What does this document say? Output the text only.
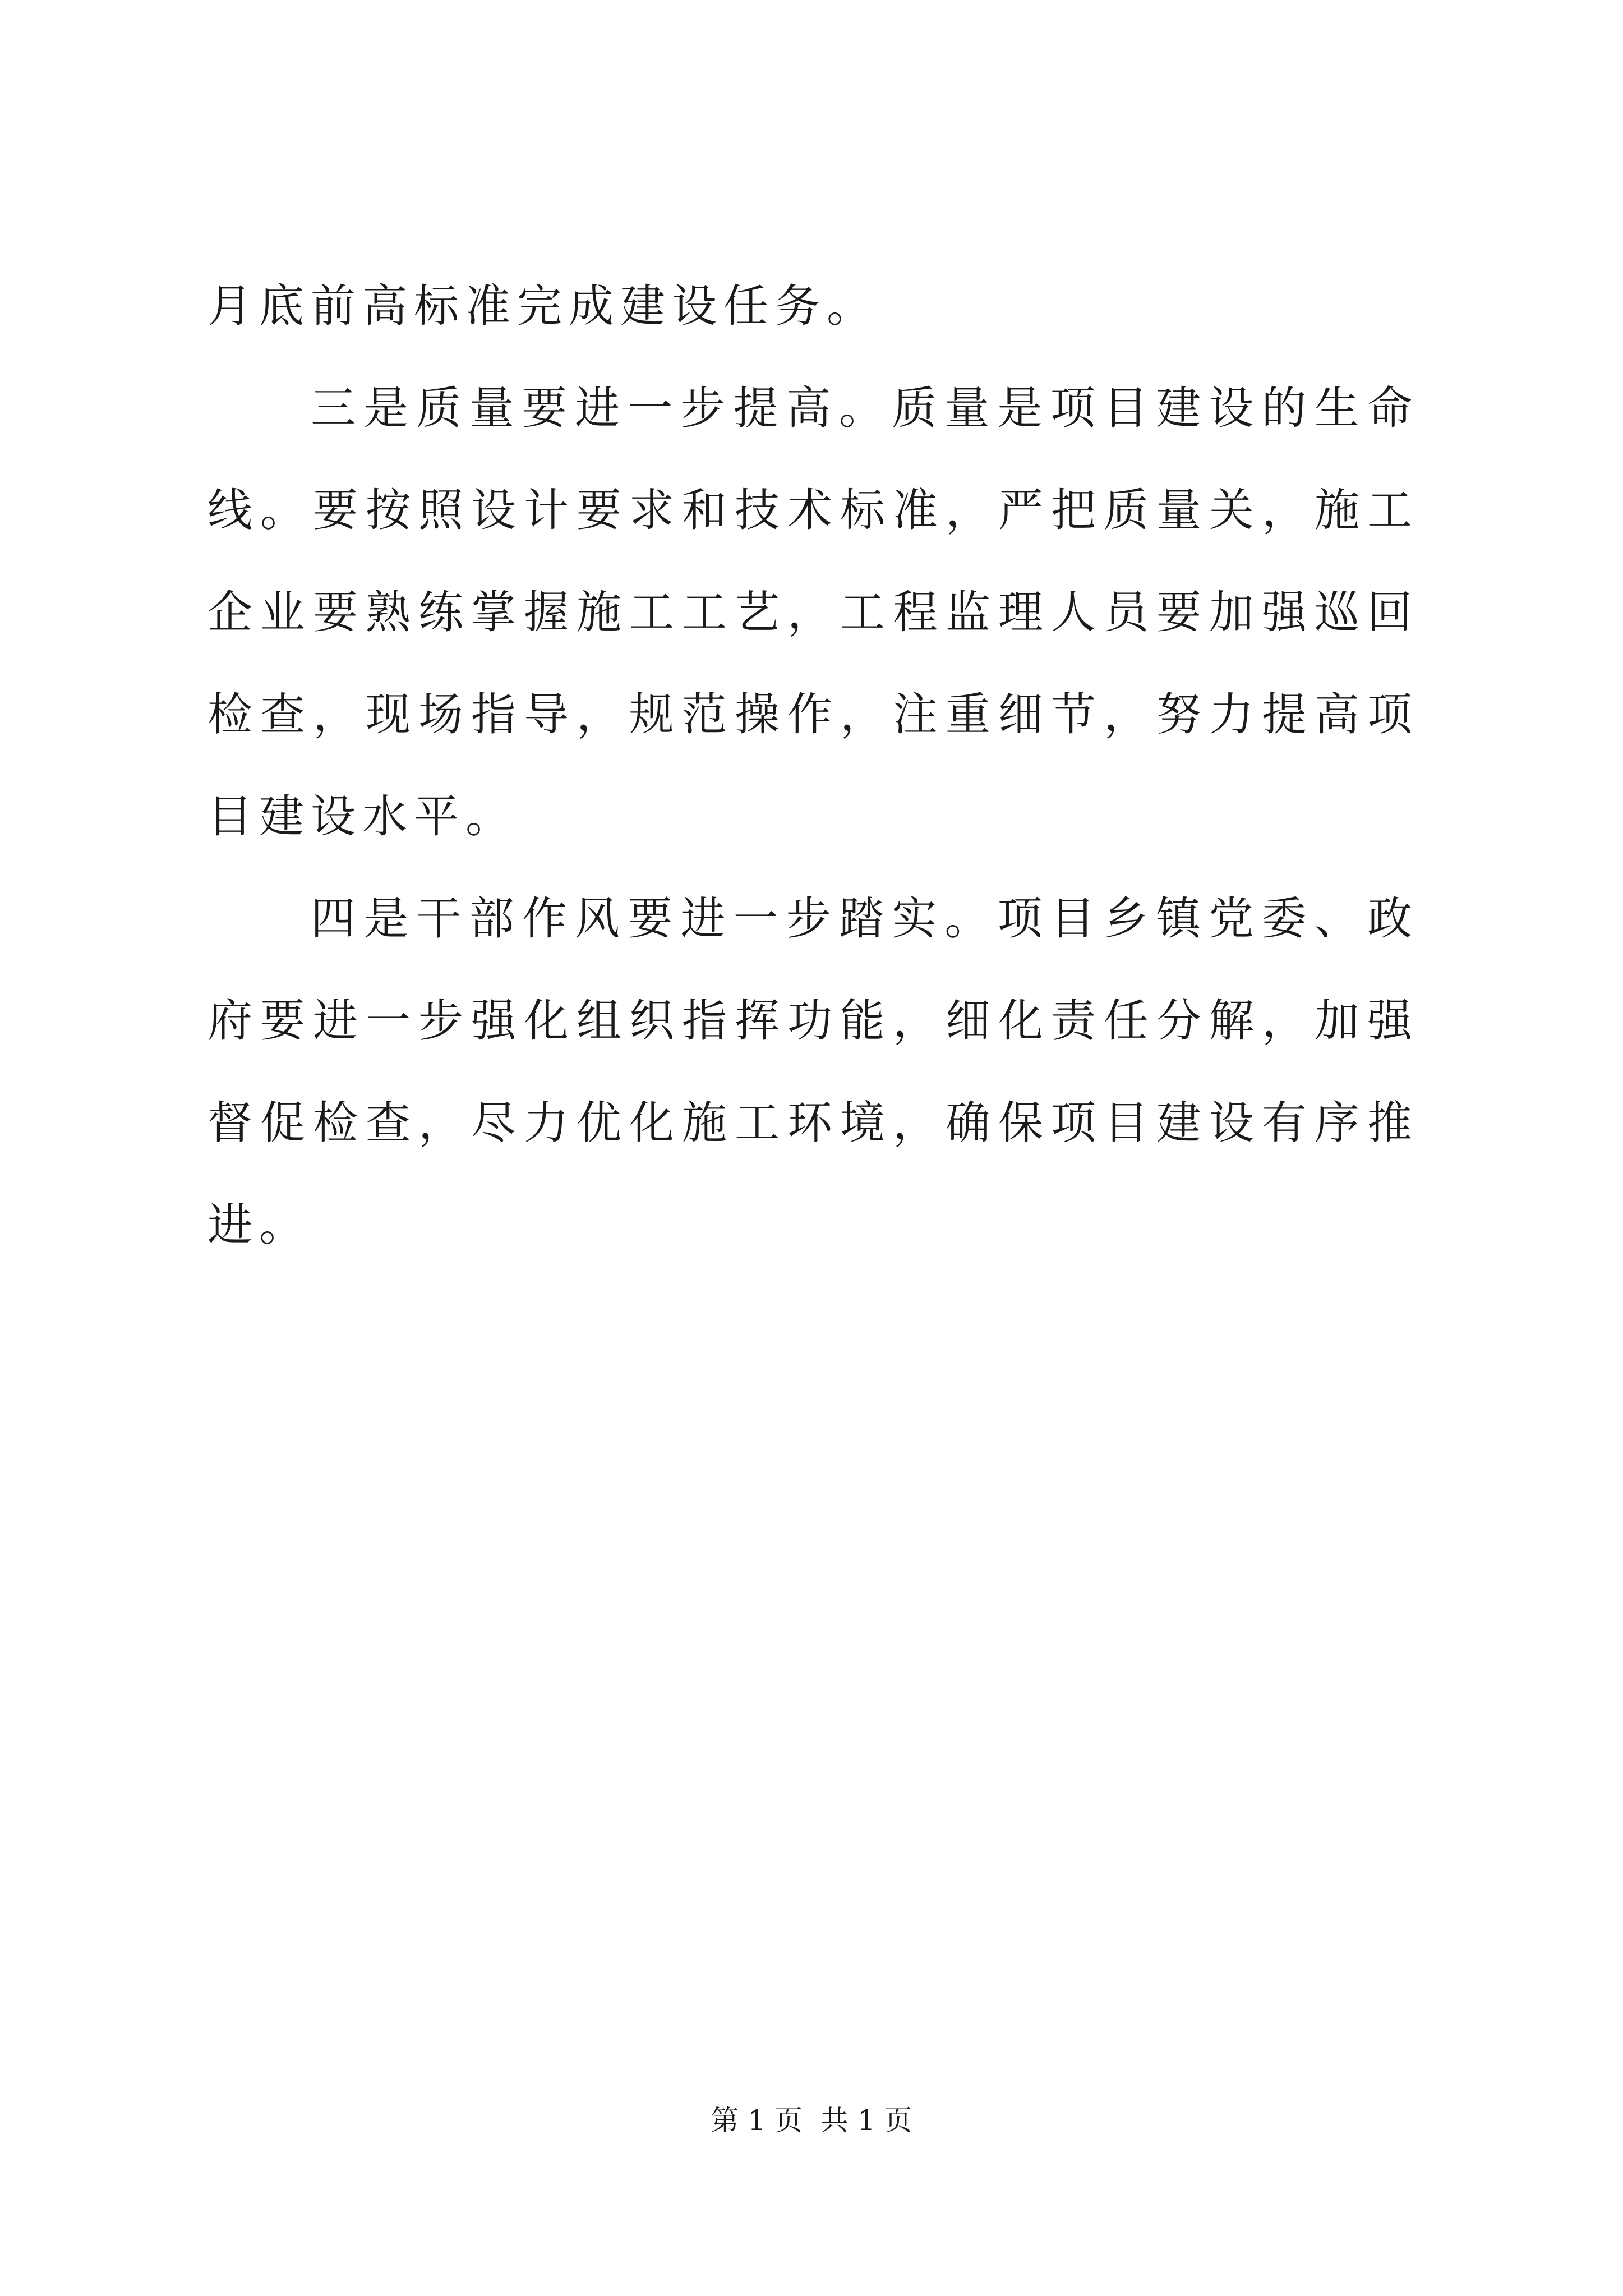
月底前高标准完成建设任务。

三是质量要进一步提高。质量是项目建设的生命线。要按照设计要求和技术标准，严把质量关，施工企业要熟练掌握施工工艺，工程监理人员要加强巡回检查，现场指导，规范操作，注重细节，努力提高项目建设水平。

四是干部作风要进一步踏实。项目乡镇党委、政府要进一步强化组织指挥功能，细化责任分解，加强督促检查，尽力优化施工环境，确保项目建设有序推进。

第 1 页  共 1 页
